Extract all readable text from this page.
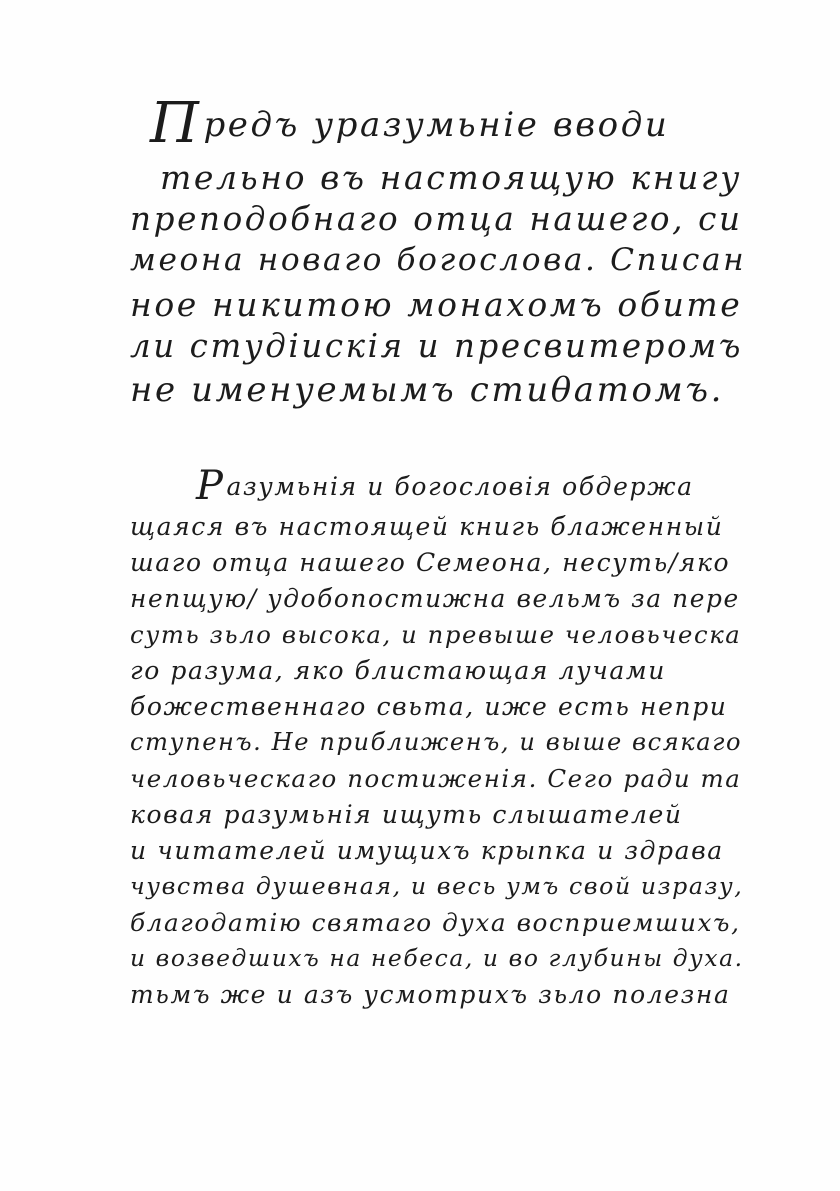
Предъ уразумьніе вводи
тельно въ настоящую книгу
преподобнаго отца нашего, си
меона новаго богослова. Списан
ное никитою монахомъ обите
ли студіискія и пресвитеромъ
не именуемымъ стиθатомъ.
Разумьнія и богословія обдержа
щаяся въ настоящей книгь блаженный
шаго отца нашего Семеона, несуть/яко
непщую/ удобопостижна вельмъ за пере
суть зьло высока, и превыше человьческа
го разума, яко блистающая лучами
божественнаго свьта, иже есть непри
ступенъ. Не приближенъ, и выше всякаго
человьческаго постиженія. Сего ради та
ковая разумьнія ищуть слышателей
и читателей имущихъ крыпка и здрава
чувства душевная, и весь умъ свой изразу,
благодатію святаго духа восприемшихъ,
и возведшихъ на небеса, и во глубины духа.
тьмъ же и азъ усмотрихъ зьло полезна
